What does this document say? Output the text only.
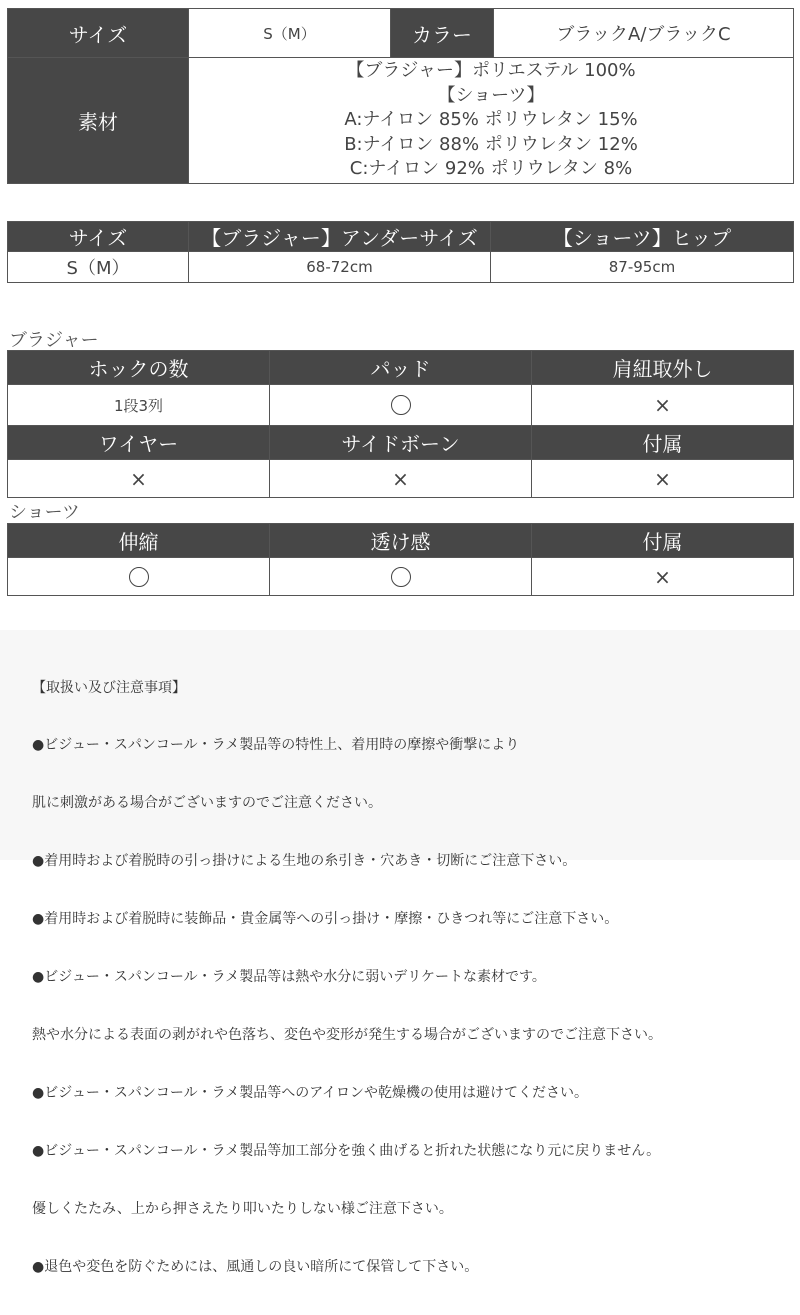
サイズ	S（M）	カラー	ブラックA/ブラックC
素材	【ブラジャー】ポリエステル 100%
【ショーツ】
A:ナイロン 85% ポリウレタン 15%
B:ナイロン 88% ポリウレタン 12%
C:ナイロン 92% ポリウレタン 8%		
サイズ	【ブラジャー】アンダーサイズ	【ショーツ】ヒップ
S（M）	68-72cm	87-95cm
ブラジャー
ホックの数	パッド	肩紐取外し
1段3列		×
ワイヤー	サイドボーン	付属
×	×	×
ショーツ
伸縮	透け感	付属
		×

【取扱い及び注意事項】

●ビジュー・スパンコール・ラメ製品等の特性上、着用時の摩擦や衝撃により

肌に刺激がある場合がございますのでご注意ください。

●着用時および着脱時の引っ掛けによる生地の糸引き・穴あき・切断にご注意下さい。

●着用時および着脱時に装飾品・貴金属等への引っ掛け・摩擦・ひきつれ等にご注意下さい。

●ビジュー・スパンコール・ラメ製品等は熱や水分に弱いデリケートな素材です。

熱や水分による表面の剥がれや色落ち、変色や変形が発生する場合がございますのでご注意下さい。

●ビジュー・スパンコール・ラメ製品等へのアイロンや乾燥機の使用は避けてください。

●ビジュー・スパンコール・ラメ製品等加工部分を強く曲げると折れた状態になり元に戻りません。

優しくたたみ、上から押さえたり叩いたりしない様ご注意下さい。

●退色や変色を防ぐためには、風通しの良い暗所にて保管して下さい。
